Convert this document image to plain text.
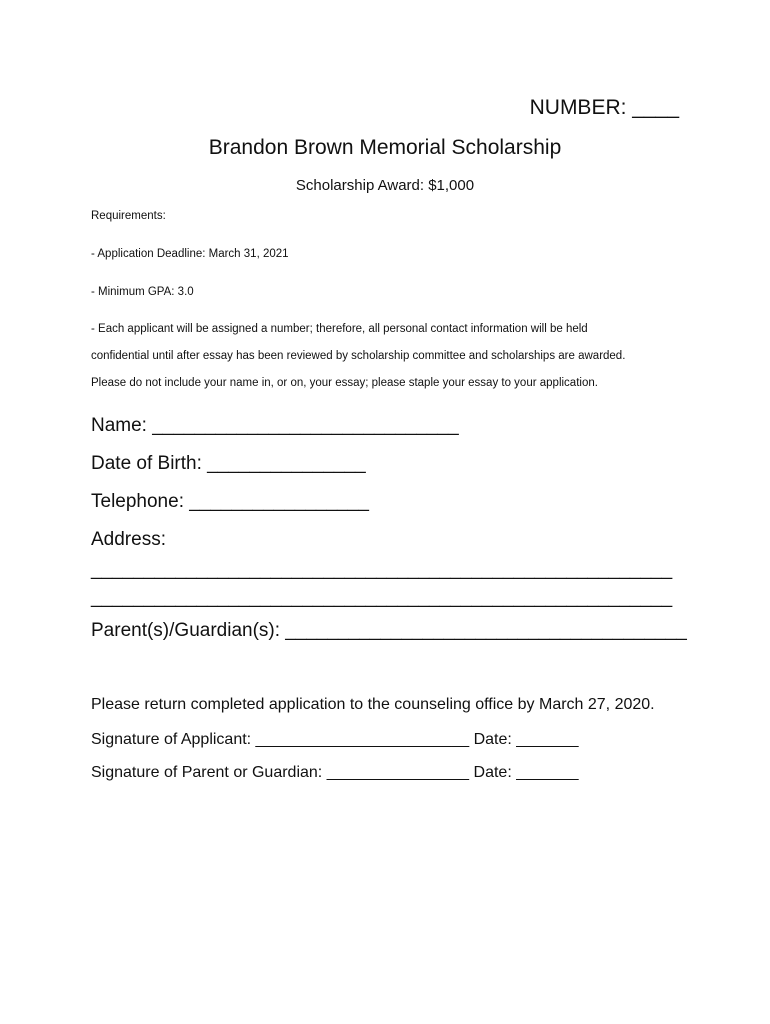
NUMBER: ____
Brandon Brown Memorial Scholarship
Scholarship Award: $1,000
Requirements:
- Application Deadline: March 31, 2021
- Minimum GPA: 3.0
- Each applicant will be assigned a number; therefore, all personal contact information will be held
confidential until after essay has been reviewed by scholarship committee and scholarships are awarded.
Please do not include your name in, or on, your essay; please staple your essay to your application.
Name: _____________________________
Date of Birth: _______________
Telephone: _________________
Address:
_______________________________________________________
_______________________________________________________
Parent(s)/Guardian(s): ______________________________________
Please return completed application to the counseling office by March 27, 2020.
Signature of Applicant: ________________________ Date: _______
Signature of Parent or Guardian: ________________ Date: _______
